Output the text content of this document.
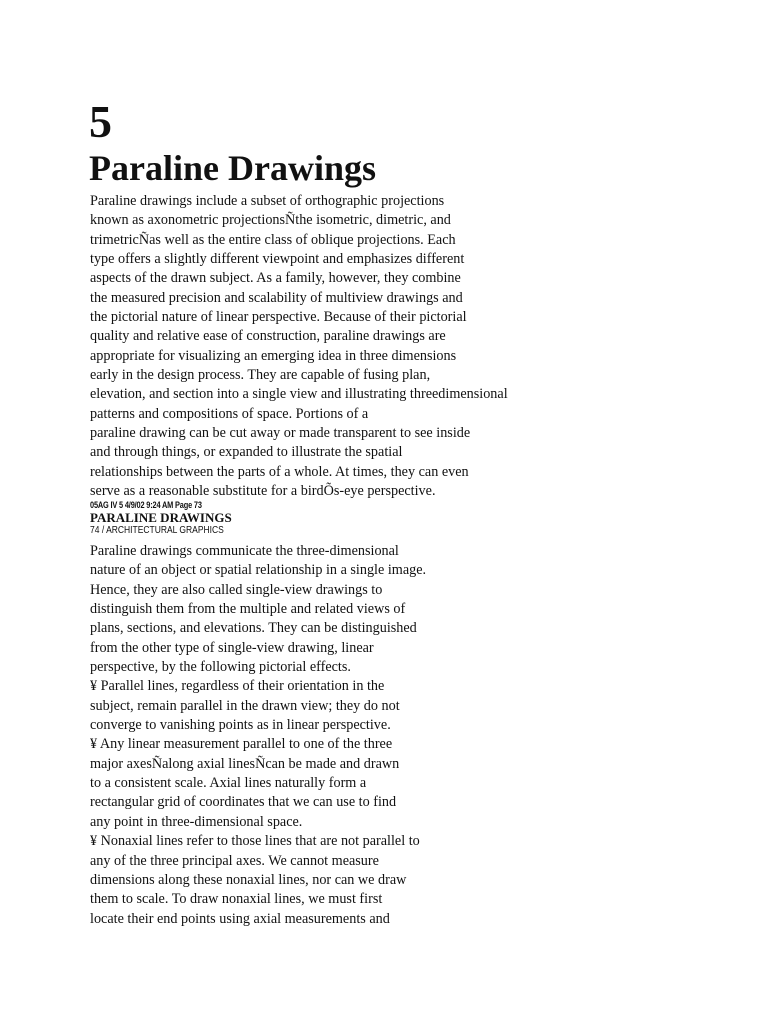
5
Paraline Drawings
Paraline drawings include a subset of orthographic projections
known as axonometric projectionsÑthe isometric, dimetric, and
trimetricÑas well as the entire class of oblique projections. Each
type offers a slightly different viewpoint and emphasizes different
aspects of the drawn subject. As a family, however, they combine
the measured precision and scalability of multiview drawings and
the pictorial nature of linear perspective. Because of their pictorial
quality and relative ease of construction, paraline drawings are
appropriate for visualizing an emerging idea in three dimensions
early in the design process. They are capable of fusing plan,
elevation, and section into a single view and illustrating threedimensional
patterns and compositions of space. Portions of a
paraline drawing can be cut away or made transparent to see inside
and through things, or expanded to illustrate the spatial
relationships between the parts of a whole. At times, they can even
serve as a reasonable substitute for a birdÕs-eye perspective.
05AG IV 5 4/9/02 9:24 AM Page 73
PARALINE DRAWINGS
74 / ARCHITECTURAL GRAPHICS
Paraline drawings communicate the three-dimensional
nature of an object or spatial relationship in a single image.
Hence, they are also called single-view drawings to
distinguish them from the multiple and related views of
plans, sections, and elevations. They can be distinguished
from the other type of single-view drawing, linear
perspective, by the following pictorial effects.
¥ Parallel lines, regardless of their orientation in the
subject, remain parallel in the drawn view; they do not
converge to vanishing points as in linear perspective.
¥ Any linear measurement parallel to one of the three
major axesÑalong axial linesÑcan be made and drawn
to a consistent scale. Axial lines naturally form a
rectangular grid of coordinates that we can use to find
any point in three-dimensional space.
¥ Nonaxial lines refer to those lines that are not parallel to
any of the three principal axes. We cannot measure
dimensions along these nonaxial lines, nor can we draw
them to scale. To draw nonaxial lines, we must first
locate their end points using axial measurements and
